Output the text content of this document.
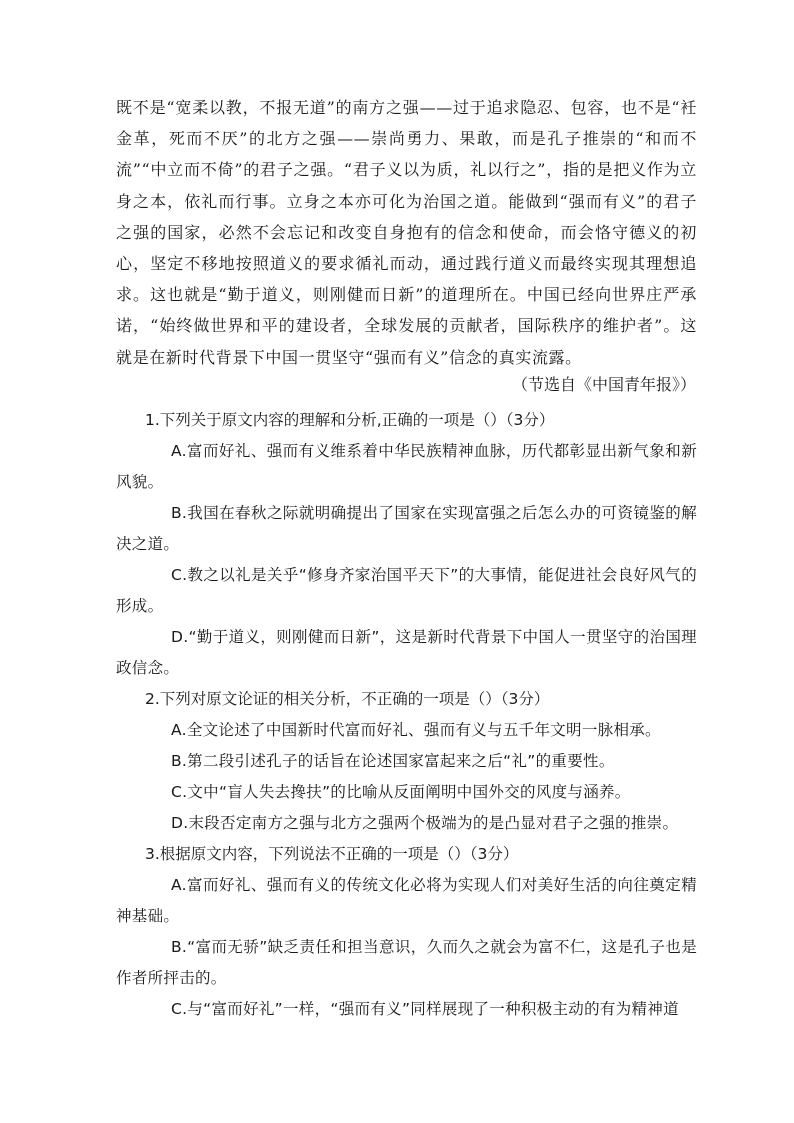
既不是“宽柔以教，不报无道”的南方之强——过于追求隐忍、包容，也不是“衽金革，死而不厌”的北方之强——崇尚勇力、果敢，而是孔子推崇的“和而不流”“中立而不倚”的君子之强。“君子义以为质，礼以行之”，指的是把义作为立身之本，依礼而行事。立身之本亦可化为治国之道。能做到“强而有义”的君子之强的国家，必然不会忘记和改变自身抱有的信念和使命，而会恪守德义的初心，坚定不移地按照道义的要求循礼而动，通过践行道义而最终实现其理想追求。这也就是“勤于道义，则刚健而日新”的道理所在。中国已经向世界庄严承诺，“始终做世界和平的建设者，全球发展的贡献者，国际秩序的维护者”。这就是在新时代背景下中国一贯坚守“强而有义”信念的真实流露。
（节选自《中国青年报》）
1.下列关于原文内容的理解和分析,正确的一项是（）（3分）
A.富而好礼、强而有义维系着中华民族精神血脉，历代都彰显出新气象和新风貌。
B.我国在春秋之际就明确提出了国家在实现富强之后怎么办的可资镜鉴的解决之道。
C.教之以礼是关乎“修身齐家治国平天下”的大事情，能促进社会良好风气的形成。
D.“勤于道义，则刚健而日新”，这是新时代背景下中国人一贯坚守的治国理政信念。
2.下列对原文论证的相关分析，不正确的一项是（）（3分）
A.全文论述了中国新时代富而好礼、强而有义与五千年文明一脉相承。
B.第二段引述孔子的话旨在论述国家富起来之后“礼”的重要性。
C.文中“盲人失去搀扶”的比喻从反面阐明中国外交的风度与涵养。
D.末段否定南方之强与北方之强两个极端为的是凸显对君子之强的推崇。
3.根据原文内容，下列说法不正确的一项是（）（3分）
A.富而好礼、强而有义的传统文化必将为实现人们对美好生活的向往奠定精神基础。
B.“富而无骄”缺乏责任和担当意识，久而久之就会为富不仁，这是孔子也是作者所抨击的。
C.与“富而好礼”一样，“强而有义”同样展现了一种积极主动的有为精神道
